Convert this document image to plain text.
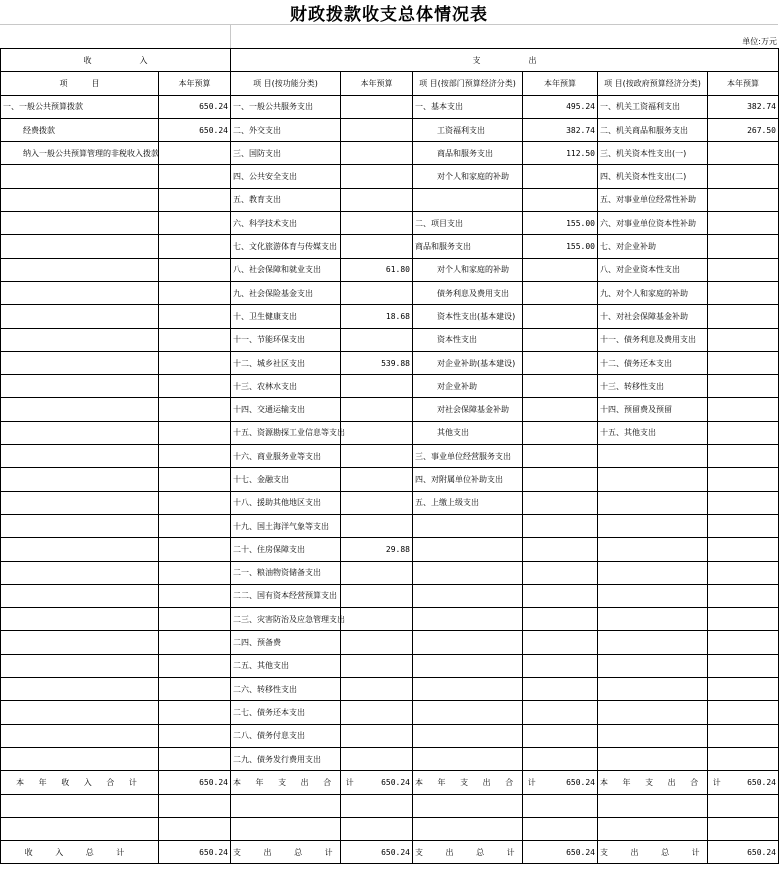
财政拨款收支总体情况表
单位:万元
收　　　　　　入		支　　　　　　出					
项　　　目	本年预算	项 目(按功能分类)	本年预算	项 目(按部门预算经济分类)	本年预算	项 目(按政府预算经济分类)	本年预算
一、一般公共预算拨款	650.24	一、一般公共服务支出		一、基本支出	495.24	一、机关工资福利支出	382.74
经费拨款	650.24	二、外交支出		工资福利支出	382.74	二、机关商品和服务支出	267.50
纳入一般公共预算管理的非税收入拨款		三、国防支出		商品和服务支出	112.50	三、机关资本性支出(一)	
		四、公共安全支出		对个人和家庭的补助		四、机关资本性支出(二)	
		五、教育支出				五、对事业单位经常性补助	
		六、科学技术支出		二、项目支出	155.00	六、对事业单位资本性补助	
		七、文化旅游体育与传媒支出		商品和服务支出	155.00	七、对企业补助	
		八、社会保障和就业支出	61.80	对个人和家庭的补助		八、对企业资本性支出	
		九、社会保险基金支出		债务利息及费用支出		九、对个人和家庭的补助	
		十、卫生健康支出	18.68	资本性支出(基本建设)		十、对社会保障基金补助	
		十一、节能环保支出		资本性支出		十一、债务利息及费用支出	
		十二、城乡社区支出	539.88	对企业补助(基本建设)		十二、债务还本支出	
		十三、农林水支出		对企业补助		十三、转移性支出	
		十四、交通运输支出		对社会保障基金补助		十四、预留费及预留	
		十五、资源勘探工业信息等支出		其他支出		十五、其他支出	
		十六、商业服务业等支出		三、事业单位经营服务支出			
		十七、金融支出		四、对附属单位补助支出			
		十八、援助其他地区支出		五、上缴上级支出			
		十九、国土海洋气象等支出					
		二十、住房保障支出	29.88				
		二一、粮油物资储备支出					
		二二、国有资本经营预算支出					
		二三、灾害防治及应急管理支出					
		二四、预备费					
		二五、其他支出					
		二六、转移性支出					
		二七、债务还本支出					
		二八、债务付息支出					
		二九、债务发行费用支出					
本 年 收 入 合 计	650.24	本 年 支 出 合 计	650.24	本 年 支 出 合 计	650.24	本 年 支 出 合 计	650.24

收 入 总 计	650.24	支 出 总 计	650.24	支 出 总 计	650.24	支 出 总 计	650.24
